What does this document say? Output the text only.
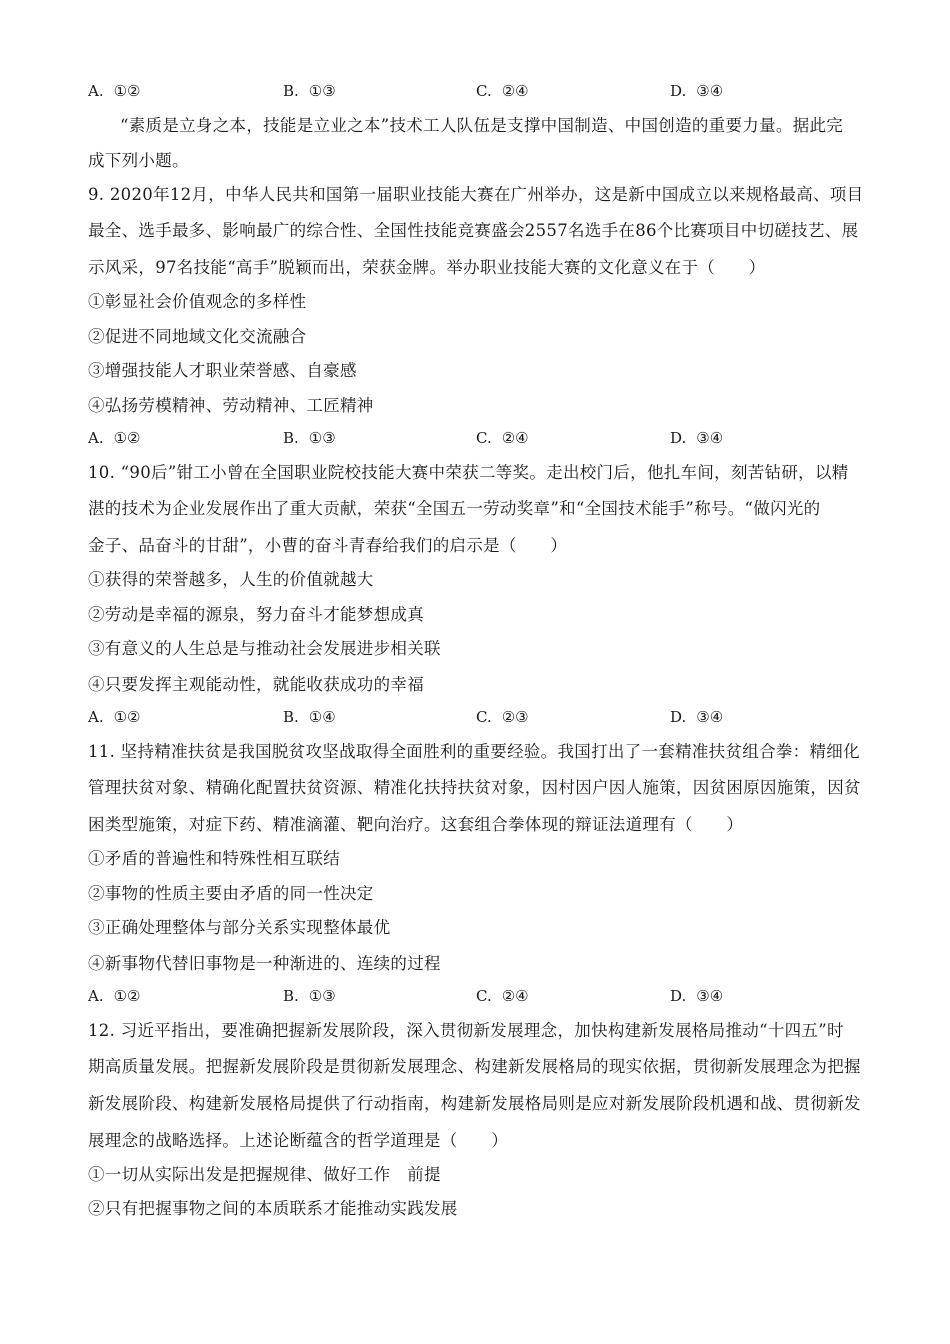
A. ①②	B. ①③	C. ②④	D. ③④
“素质是立身之本，技能是立业之本”技术工人队伍是支撑中国制造、中国创造的重要力量。据此完
成下列小题。
9. 2020年12月，中华人民共和国第一届职业技能大赛在广州举办，这是新中国成立以来规格最高、项目
最全、选手最多、影响最广的综合性、全国性技能竞赛盛会2557名选手在86个比赛项目中切磋技艺、展
示风采，97名技能“高手”脱颖而出，荣获金牌。举办职业技能大赛的文化意义在于（　　）
①彰显社会价值观念的多样性
②促进不同地域文化交流融合
③增强技能人才职业荣誉感、自豪感
④弘扬劳模精神、劳动精神、工匠精神
A. ①②	B. ①③	C. ②④	D. ③④
10. “90后”钳工小曾在全国职业院校技能大赛中荣获二等奖。走出校门后，他扎车间，刻苦钻研，以精
湛的技术为企业发展作出了重大贡献，荣获“全国五一劳动奖章”和“全国技术能手”称号。“做闪光的
金子、品奋斗的甘甜”，小曹的奋斗青春给我们的启示是（　　）
①获得的荣誉越多，人生的价值就越大
②劳动是幸福的源泉，努力奋斗才能梦想成真
③有意义的人生总是与推动社会发展进步相关联
④只要发挥主观能动性，就能收获成功的幸福
A. ①②	B. ①④	C. ②③	D. ③④
11. 坚持精准扶贫是我国脱贫攻坚战取得全面胜利的重要经验。我国打出了一套精准扶贫组合拳：精细化
管理扶贫对象、精确化配置扶贫资源、精准化扶持扶贫对象，因村因户因人施策，因贫困原因施策，因贫
困类型施策，对症下药、精准滴灌、靶向治疗。这套组合拳体现的辩证法道理有（　　）
①矛盾的普遍性和特殊性相互联结
②事物的性质主要由矛盾的同一性决定
③正确处理整体与部分关系实现整体最优
④新事物代替旧事物是一种渐进的、连续的过程
A. ①②	B. ①③	C. ②④	D. ③④
12. 习近平指出，要准确把握新发展阶段，深入贯彻新发展理念，加快构建新发展格局推动“十四五”时
期高质量发展。把握新发展阶段是贯彻新发展理念、构建新发展格局的现实依据，贯彻新发展理念为把握
新发展阶段、构建新发展格局提供了行动指南，构建新发展格局则是应对新发展阶段机遇和战、贯彻新发
展理念的战略选择。上述论断蕴含的哲学道理是（　　）
①一切从实际出发是把握规律、做好工作　前提
②只有把握事物之间的本质联系才能推动实践发展
